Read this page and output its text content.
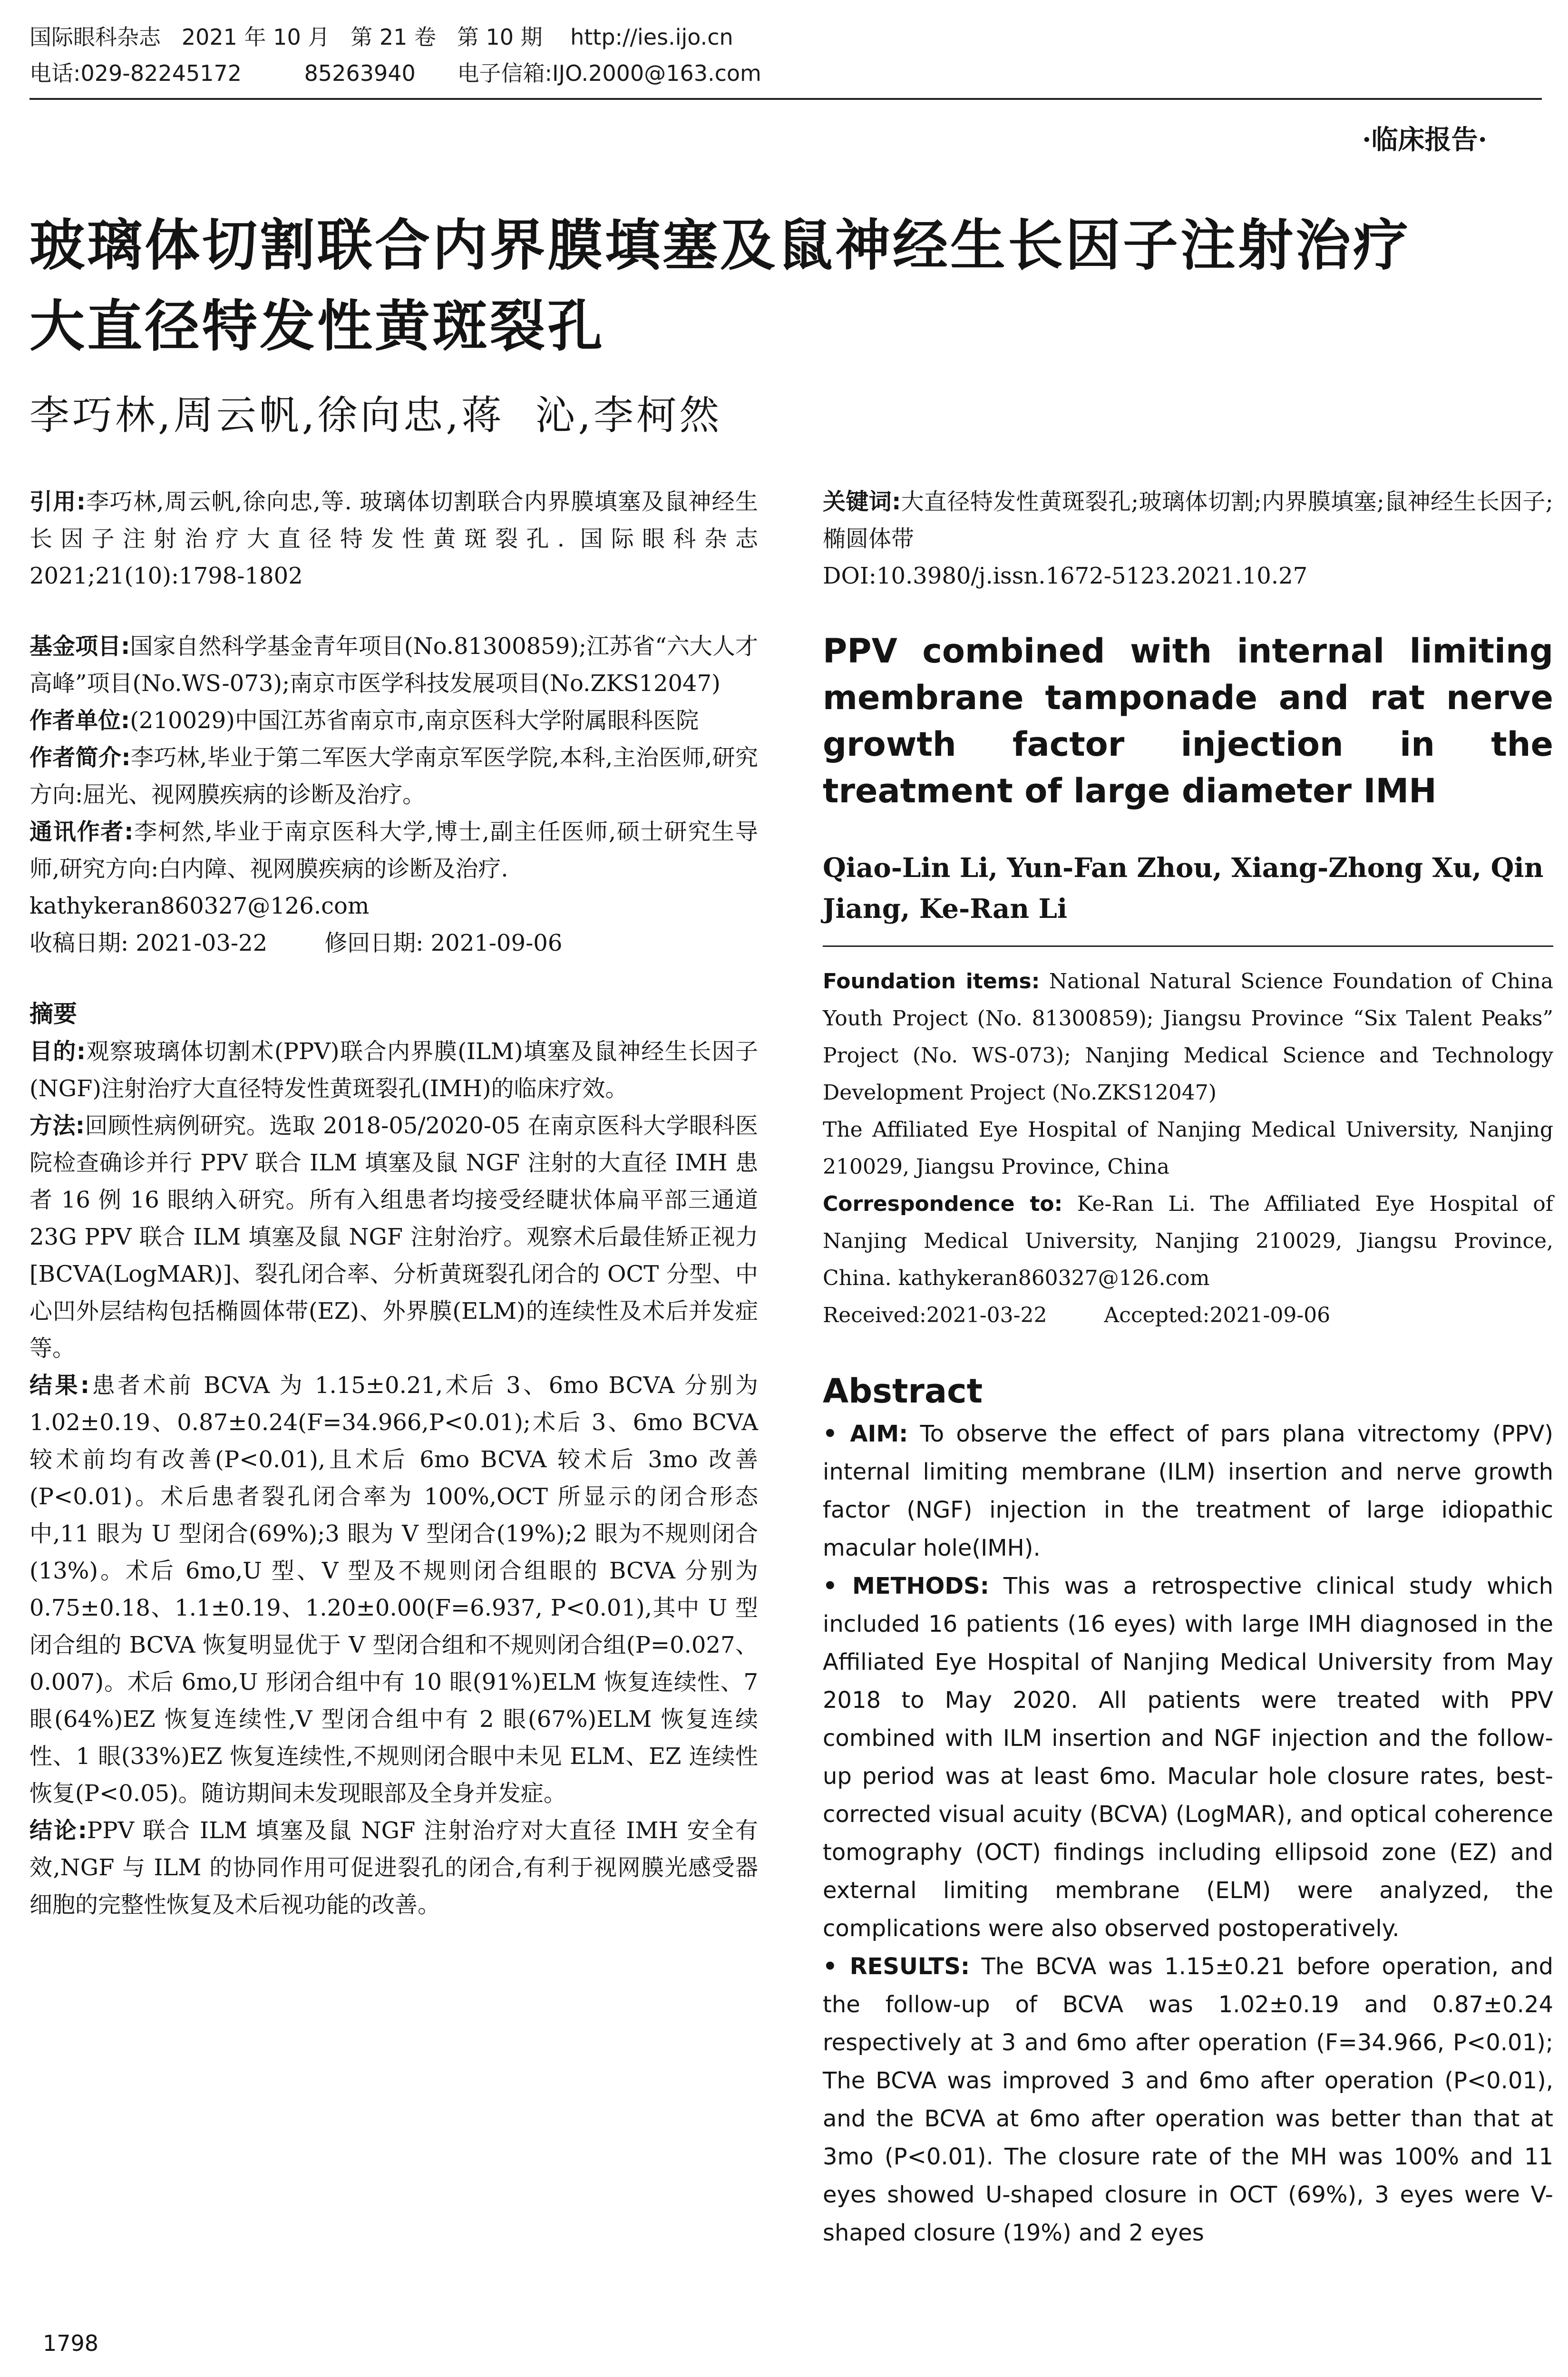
国际眼科杂志   2021 年 10 月   第 21 卷   第 10 期    http://ies.ijo.cn
电话:029-82245172         85263940      电子信箱:IJO.2000@163.com
·临床报告·
玻璃体切割联合内界膜填塞及鼠神经生长因子注射治疗
大直径特发性黄斑裂孔
李巧林,周云帆,徐向忠,蒋  沁,李柯然

引用:李巧林,周云帆,徐向忠,等. 玻璃体切割联合内界膜填塞及鼠神经生长因子注射治疗大直径特发性黄斑裂孔. 国际眼科杂志 2021;21(10):1798-1802

基金项目:国家自然科学基金青年项目(No.81300859);江苏省“六大人才高峰”项目(No.WS-073);南京市医学科技发展项目(No.ZKS12047)

作者单位:(210029)中国江苏省南京市,南京医科大学附属眼科医院

作者简介:李巧林,毕业于第二军医大学南京军医学院,本科,主治医师,研究方向:屈光、视网膜疾病的诊断及治疗。

通讯作者:李柯然,毕业于南京医科大学,博士,副主任医师,硕士研究生导师,研究方向:白内障、视网膜疾病的诊断及治疗.

kathykeran860327@126.com

收稿日期: 2021-03-22	修回日期: 2021-09-06

摘要

目的:观察玻璃体切割术(PPV)联合内界膜(ILM)填塞及鼠神经生长因子(NGF)注射治疗大直径特发性黄斑裂孔(IMH)的临床疗效。

方法:回顾性病例研究。选取 2018-05/2020-05 在南京医科大学眼科医院检查确诊并行 PPV 联合 ILM 填塞及鼠 NGF 注射的大直径 IMH 患者 16 例 16 眼纳入研究。所有入组患者均接受经睫状体扁平部三通道 23G PPV 联合 ILM 填塞及鼠 NGF 注射治疗。观察术后最佳矫正视力[BCVA(LogMAR)]、裂孔闭合率、分析黄斑裂孔闭合的 OCT 分型、中心凹外层结构包括椭圆体带(EZ)、外界膜(ELM)的连续性及术后并发症等。

结果:患者术前 BCVA 为 1.15±0.21,术后 3、6mo BCVA 分别为 1.02±0.19、0.87±0.24(F=34.966,P<0.01);术后 3、6mo BCVA 较术前均有改善(P<0.01),且术后 6mo BCVA 较术后 3mo 改善(P<0.01)。术后患者裂孔闭合率为 100%,OCT 所显示的闭合形态中,11 眼为 U 型闭合(69%);3 眼为 V 型闭合(19%);2 眼为不规则闭合(13%)。术后 6mo,U 型、V 型及不规则闭合组眼的 BCVA 分别为 0.75±0.18、1.1±0.19、1.20±0.00(F=6.937, P<0.01),其中 U 型闭合组的 BCVA 恢复明显优于 V 型闭合组和不规则闭合组(P=0.027、0.007)。术后 6mo,U 形闭合组中有 10 眼(91%)ELM 恢复连续性、7 眼(64%)EZ 恢复连续性,V 型闭合组中有 2 眼(67%)ELM 恢复连续性、1 眼(33%)EZ 恢复连续性,不规则闭合眼中未见 ELM、EZ 连续性恢复(P<0.05)。随访期间未发现眼部及全身并发症。

结论:PPV 联合 ILM 填塞及鼠 NGF 注射治疗对大直径 IMH 安全有效,NGF 与 ILM 的协同作用可促进裂孔的闭合,有利于视网膜光感受器细胞的完整性恢复及术后视功能的改善。

关键词:大直径特发性黄斑裂孔;玻璃体切割;内界膜填塞;鼠神经生长因子;椭圆体带

DOI:10.3980/j.issn.1672-5123.2021.10.27

PPV combined with internal limiting membrane tamponade and rat nerve growth factor injection in the treatment of large diameter IMH

Qiao-Lin Li, Yun-Fan Zhou, Xiang-Zhong Xu, Qin Jiang, Ke-Ran Li

Foundation items: National Natural Science Foundation of China Youth Project (No. 81300859); Jiangsu Province “Six Talent Peaks” Project (No. WS-073); Nanjing Medical Science and Technology Development Project (No.ZKS12047)

The Affiliated Eye Hospital of Nanjing Medical University, Nanjing 210029, Jiangsu Province, China

Correspondence to: Ke-Ran Li. The Affiliated Eye Hospital of Nanjing Medical University, Nanjing 210029, Jiangsu Province, China. kathykeran860327@126.com

Received:2021-03-22	Accepted:2021-09-06

Abstract

• AIM: To observe the effect of pars plana vitrectomy (PPV) internal limiting membrane (ILM) insertion and nerve growth factor (NGF) injection in the treatment of large idiopathic macular hole(IMH).

• METHODS: This was a retrospective clinical study which included 16 patients (16 eyes) with large IMH diagnosed in the Affiliated Eye Hospital of Nanjing Medical University from May 2018 to May 2020. All patients were treated with PPV combined with ILM insertion and NGF injection and the follow-up period was at least 6mo. Macular hole closure rates, best-corrected visual acuity (BCVA) (LogMAR), and optical coherence tomography (OCT) findings including ellipsoid zone (EZ) and external limiting membrane (ELM) were analyzed, the complications were also observed postoperatively.

• RESULTS: The BCVA was 1.15±0.21 before operation, and the follow-up of BCVA was 1.02±0.19 and 0.87±0.24 respectively at 3 and 6mo after operation (F=34.966, P<0.01); The BCVA was improved 3 and 6mo after operation (P<0.01), and the BCVA at 6mo after operation was better than that at 3mo (P<0.01). The closure rate of the MH was 100% and 11 eyes showed U-shaped closure in OCT (69%), 3 eyes were V-shaped closure (19%) and 2 eyes

1798
